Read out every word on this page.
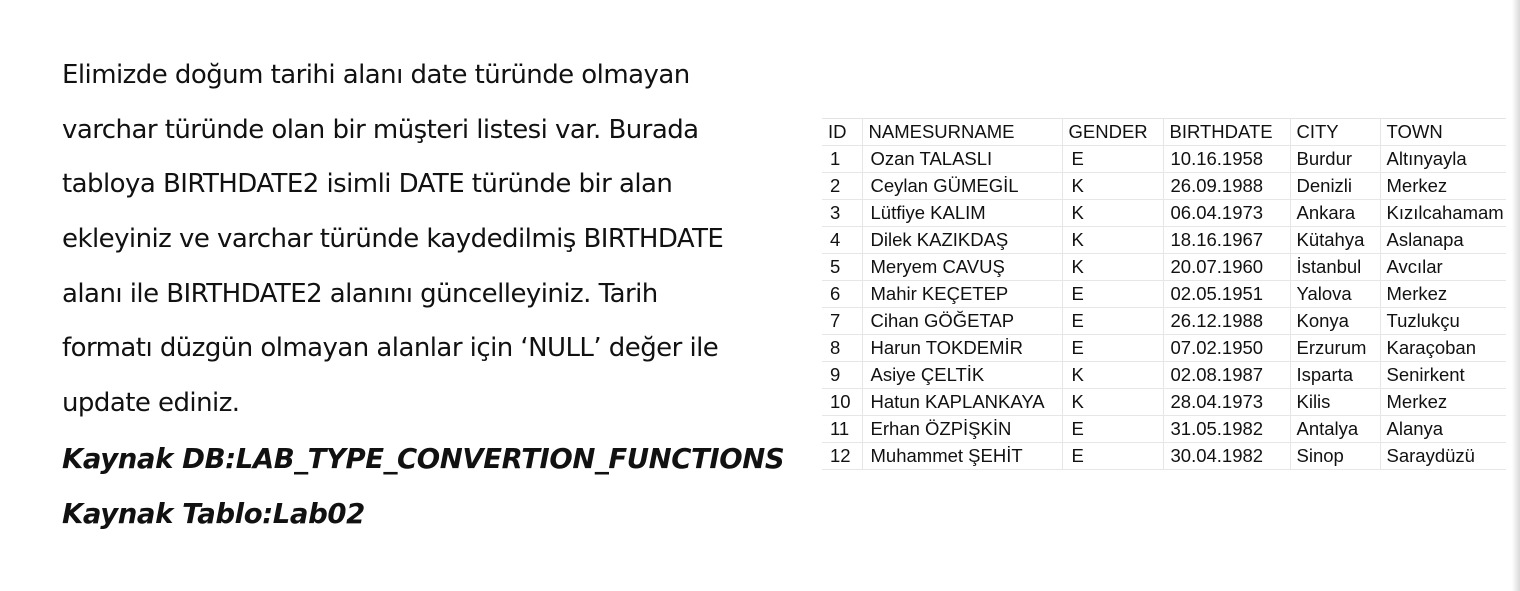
Elimizde doğum tarihi alanı date türünde olmayan
varchar türünde olan bir müşteri listesi var. Burada
tabloya BIRTHDATE2 isimli DATE türünde bir alan
ekleyiniz ve varchar türünde kaydedilmiş BIRTHDATE
alanı ile BIRTHDATE2 alanını güncelleyiniz. Tarih
formatı düzgün olmayan alanlar için ‘NULL’ değer ile
update ediniz.
Kaynak DB:LAB_TYPE_CONVERTION_FUNCTIONS
Kaynak Tablo:Lab02
ID	NAMESURNAME	GENDER	BIRTHDATE	CITY	TOWN
1	Ozan TALASLI	E	10.16.1958	Burdur	Altınyayla
2	Ceylan GÜMEGİL	K	26.09.1988	Denizli	Merkez
3	Lütfiye KALIM	K	06.04.1973	Ankara	Kızılcahamam
4	Dilek KAZIKDAŞ	K	18.16.1967	Kütahya	Aslanapa
5	Meryem CAVUŞ	K	20.07.1960	İstanbul	Avcılar
6	Mahir KEÇETEP	E	02.05.1951	Yalova	Merkez
7	Cihan GÖĞETAP	E	26.12.1988	Konya	Tuzlukçu
8	Harun TOKDEMİR	E	07.02.1950	Erzurum	Karaçoban
9	Asiye ÇELTİK	K	02.08.1987	Isparta	Senirkent
10	Hatun KAPLANKAYA	K	28.04.1973	Kilis	Merkez
11	Erhan ÖZPİŞKİN	E	31.05.1982	Antalya	Alanya
12	Muhammet ŞEHİT	E	30.04.1982	Sinop	Saraydüzü
